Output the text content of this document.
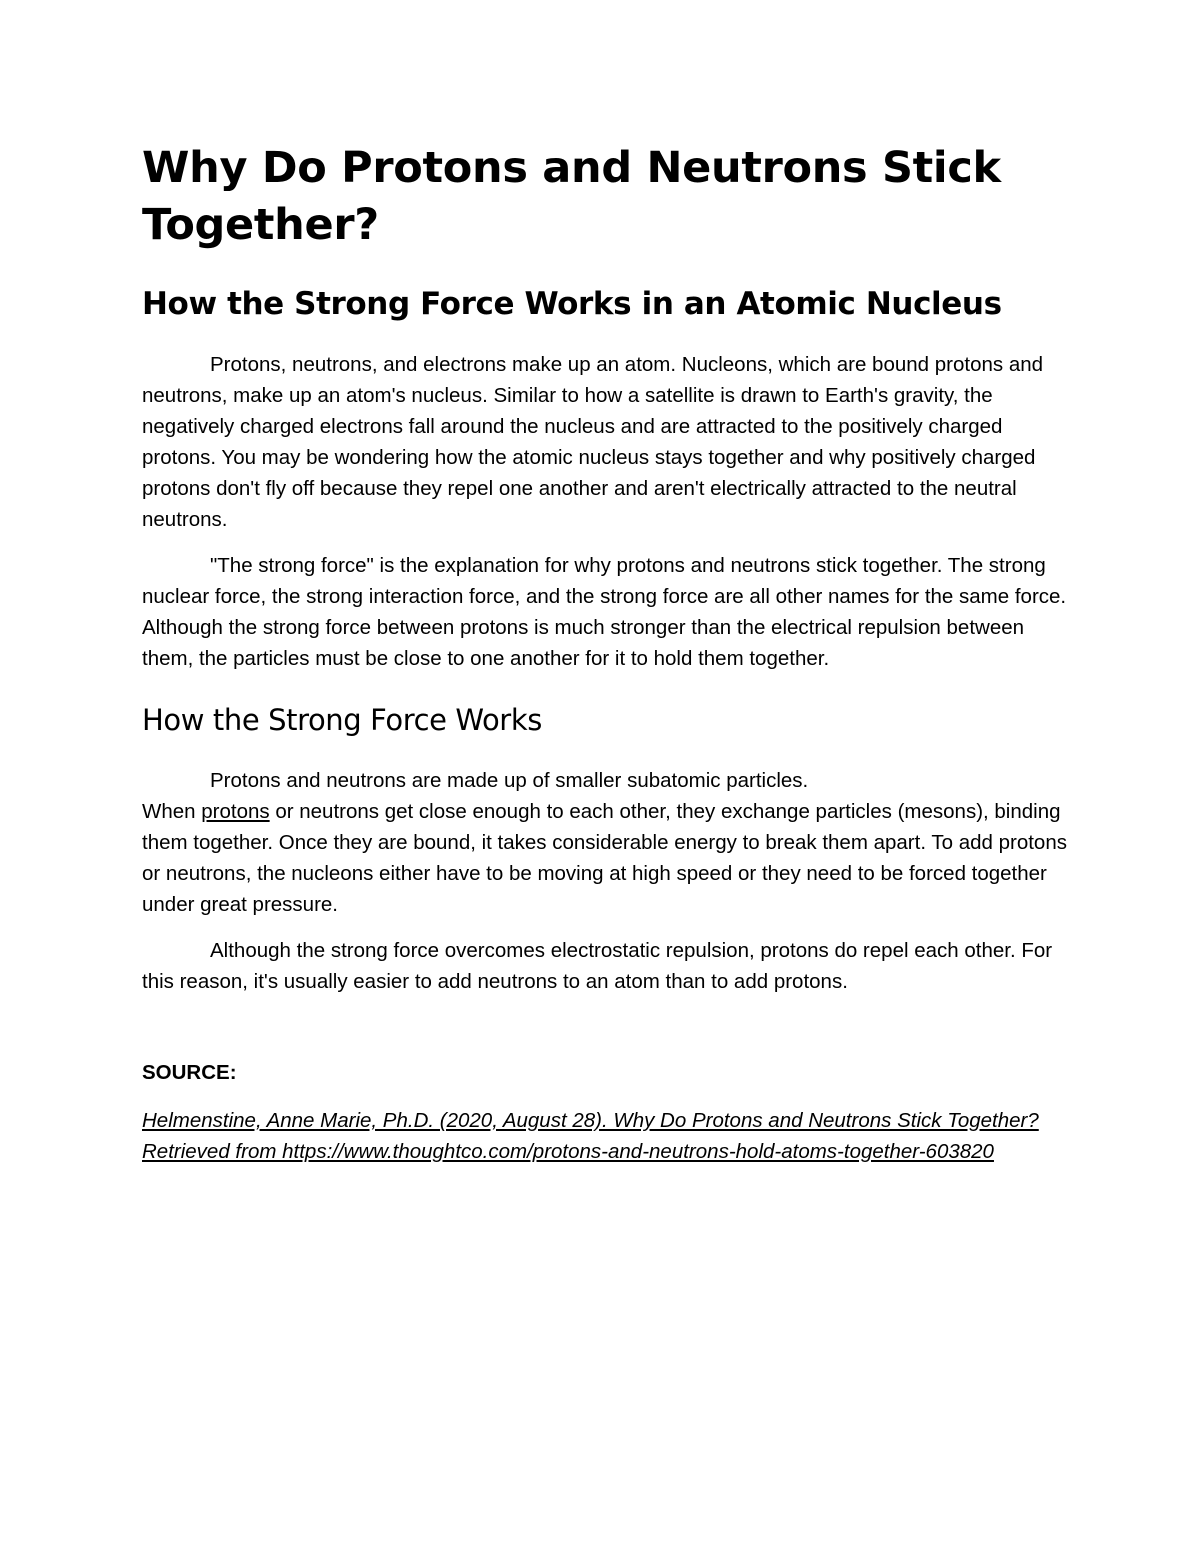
Why Do Protons and Neutrons Stick Together?
How the Strong Force Works in an Atomic Nucleus

Protons, neutrons, and electrons make up an atom. Nucleons, which are bound protons and neutrons, make up an atom's nucleus. Similar to how a satellite is drawn to Earth's gravity, the negatively charged electrons fall around the nucleus and are attracted to the positively charged protons. You may be wondering how the atomic nucleus stays together and why positively charged protons don't fly off because they repel one another and aren't electrically attracted to the neutral neutrons.

"The strong force" is the explanation for why protons and neutrons stick together. The strong nuclear force, the strong interaction force, and the strong force are all other names for the same force. Although the strong force between protons is much stronger than the electrical repulsion between them, the particles must be close to one another for it to hold them together.

How the Strong Force Works

Protons and neutrons are made up of smaller subatomic particles.
When protons or neutrons get close enough to each other, they exchange particles (mesons), binding them together. Once they are bound, it takes considerable energy to break them apart. To add protons or neutrons, the nucleons either have to be moving at high speed or they need to be forced together under great pressure.

Although the strong force overcomes electrostatic repulsion, protons do repel each other. For this reason, it's usually easier to add neutrons to an atom than to add protons.

SOURCE:
Helmenstine, Anne Marie, Ph.D. (2020, August 28). Why Do Protons and Neutrons Stick Together? Retrieved from https://www.thoughtco.com/protons-and-neutrons-hold-atoms-together-603820
